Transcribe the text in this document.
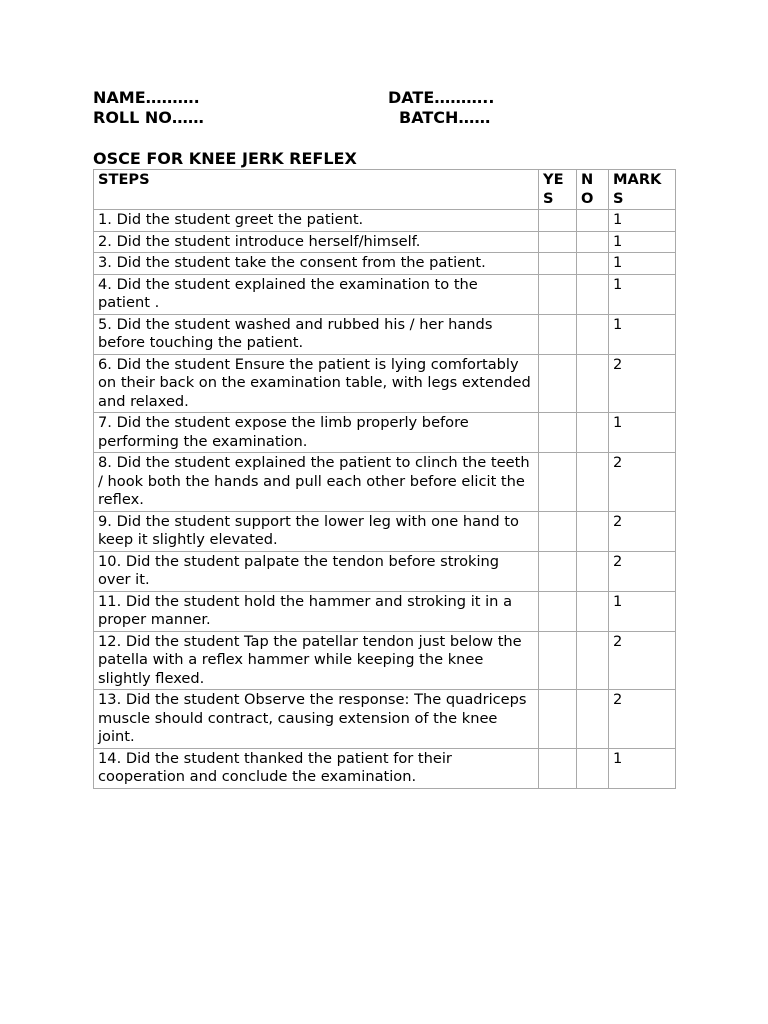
NAME……….	DATE………..
ROLL NO……	BATCH……
OSCE FOR KNEE JERK REFLEX
STEPS	YES	NO	MARKS
1. Did the student greet the patient.			1
2. Did the student introduce herself/himself.			1
3. Did the student take the consent from the patient.			1
4. Did the student explained the examination to the patient .			1
5. Did the student washed and rubbed his / her hands before touching the patient.			1
6. Did the student Ensure the patient is lying comfortably on their back on the examination table, with legs extended and relaxed.			2
7. Did the student expose the limb properly before performing the examination.			1
8. Did the student explained the patient to clinch the teeth / hook both the hands and pull each other before elicit the reflex.			2
9. Did the student support the lower leg with one hand to keep it slightly elevated.			2
10. Did the student palpate the tendon before stroking over it.			2
11. Did the student hold the hammer and stroking it in a proper manner.			1
12. Did the student Tap the patellar tendon just below the patella with a reflex hammer while keeping the knee slightly flexed.			2
13. Did the student Observe the response: The quadriceps muscle should contract, causing extension of the knee joint.			2
14. Did the student thanked the patient for their cooperation and conclude the examination.			1
